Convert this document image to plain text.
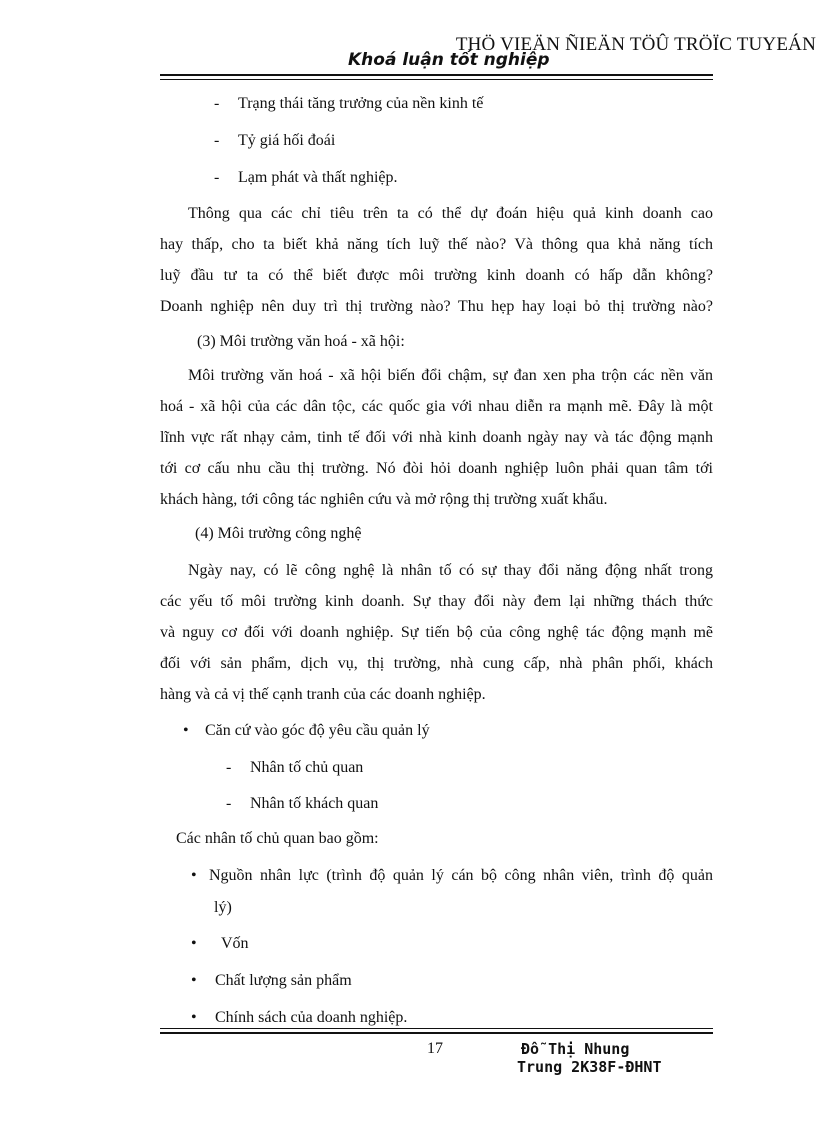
THÖ VIEÄN ÑIEÄN TÖÛ TRÖÏC TUYEÁN
Khoá luận tốt nghiệp
- Trạng thái tăng trưởng của nền kinh tế
- Tỷ giá hối đoái
- Lạm phát và thất nghiệp.
Thông qua các chỉ tiêu trên ta có thể dự đoán hiệu quả kinh doanh cao
hay thấp, cho ta biết khả năng tích luỹ thế nào? Và thông qua khả năng tích
luỹ đầu tư ta có thể biết được môi trường kinh doanh có hấp dẫn không?
Doanh nghiệp nên duy trì thị trường nào? Thu hẹp hay loại bỏ thị trường nào?
(3) Môi trường văn hoá - xã hội:
Môi trường văn hoá - xã hội biến đổi chậm, sự đan xen pha trộn các nền văn
hoá - xã hội của các dân tộc, các quốc gia với nhau diễn ra mạnh mẽ. Đây là một
lĩnh vực rất nhạy cảm, tinh tế đối với nhà kinh doanh ngày nay và tác động mạnh
tới cơ cấu nhu cầu thị trường. Nó đòi hỏi doanh nghiệp luôn phải quan tâm tới
khách hàng, tới công tác nghiên cứu và mở rộng thị trường xuất khẩu.
(4) Môi trường công nghệ
Ngày nay, có lẽ công nghệ là nhân tố có sự thay đổi năng động nhất trong
các yếu tố môi trường kinh doanh. Sự thay đổi này đem lại những thách thức
và nguy cơ đối với doanh nghiệp. Sự tiến bộ của công nghệ tác động mạnh mẽ
đối với sản phẩm, dịch vụ, thị trường, nhà cung cấp, nhà phân phối, khách
hàng và cả vị thế cạnh tranh của các doanh nghiệp.
• Căn cứ vào góc độ yêu cầu quản lý
- Nhân tố chủ quan
- Nhân tố khách quan
Các nhân tố chủ quan bao gồm:
• Nguồn nhân lực (trình độ quản lý cán bộ công nhân viên, trình độ quản
lý)
• Vốn
• Chất lượng sản phẩm
• Chính sách của doanh nghiệp.
17	Đỗ Thị Nhung
Trung 2K38F-ĐHNT
